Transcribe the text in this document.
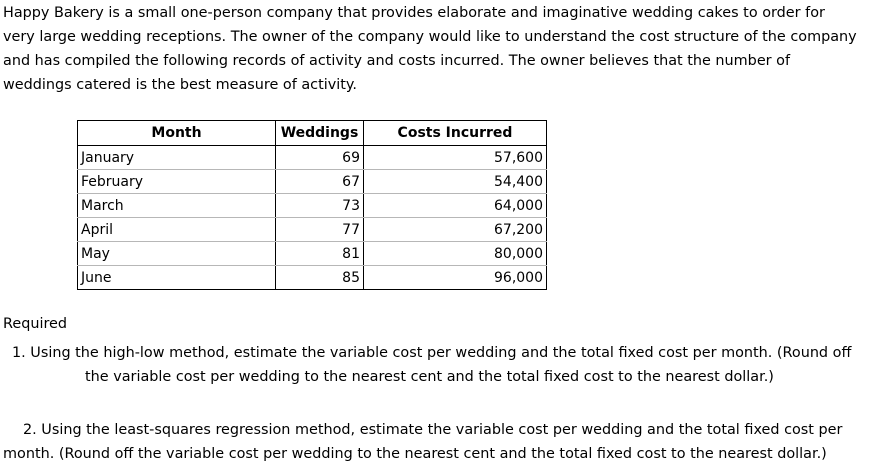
Happy Bakery is a small one-person company that provides elaborate and imaginative wedding cakes to order for
very large wedding receptions. The owner of the company would like to understand the cost structure of the company
and has compiled the following records of activity and costs incurred. The owner believes that the number of
weddings catered is the best measure of activity.

Month	Weddings	Costs Incurred
January	69	57,600
February	67	54,400
March	73	64,000
April	77	67,200
May	81	80,000
June	85	96,000

Required

1. Using the high-low method, estimate the variable cost per wedding and the total fixed cost per month. (Round off
the variable cost per wedding to the nearest cent and the total fixed cost to the nearest dollar.)

2. Using the least-squares regression method, estimate the variable cost per wedding and the total fixed cost per
month. (Round off the variable cost per wedding to the nearest cent and the total fixed cost to the nearest dollar.)
